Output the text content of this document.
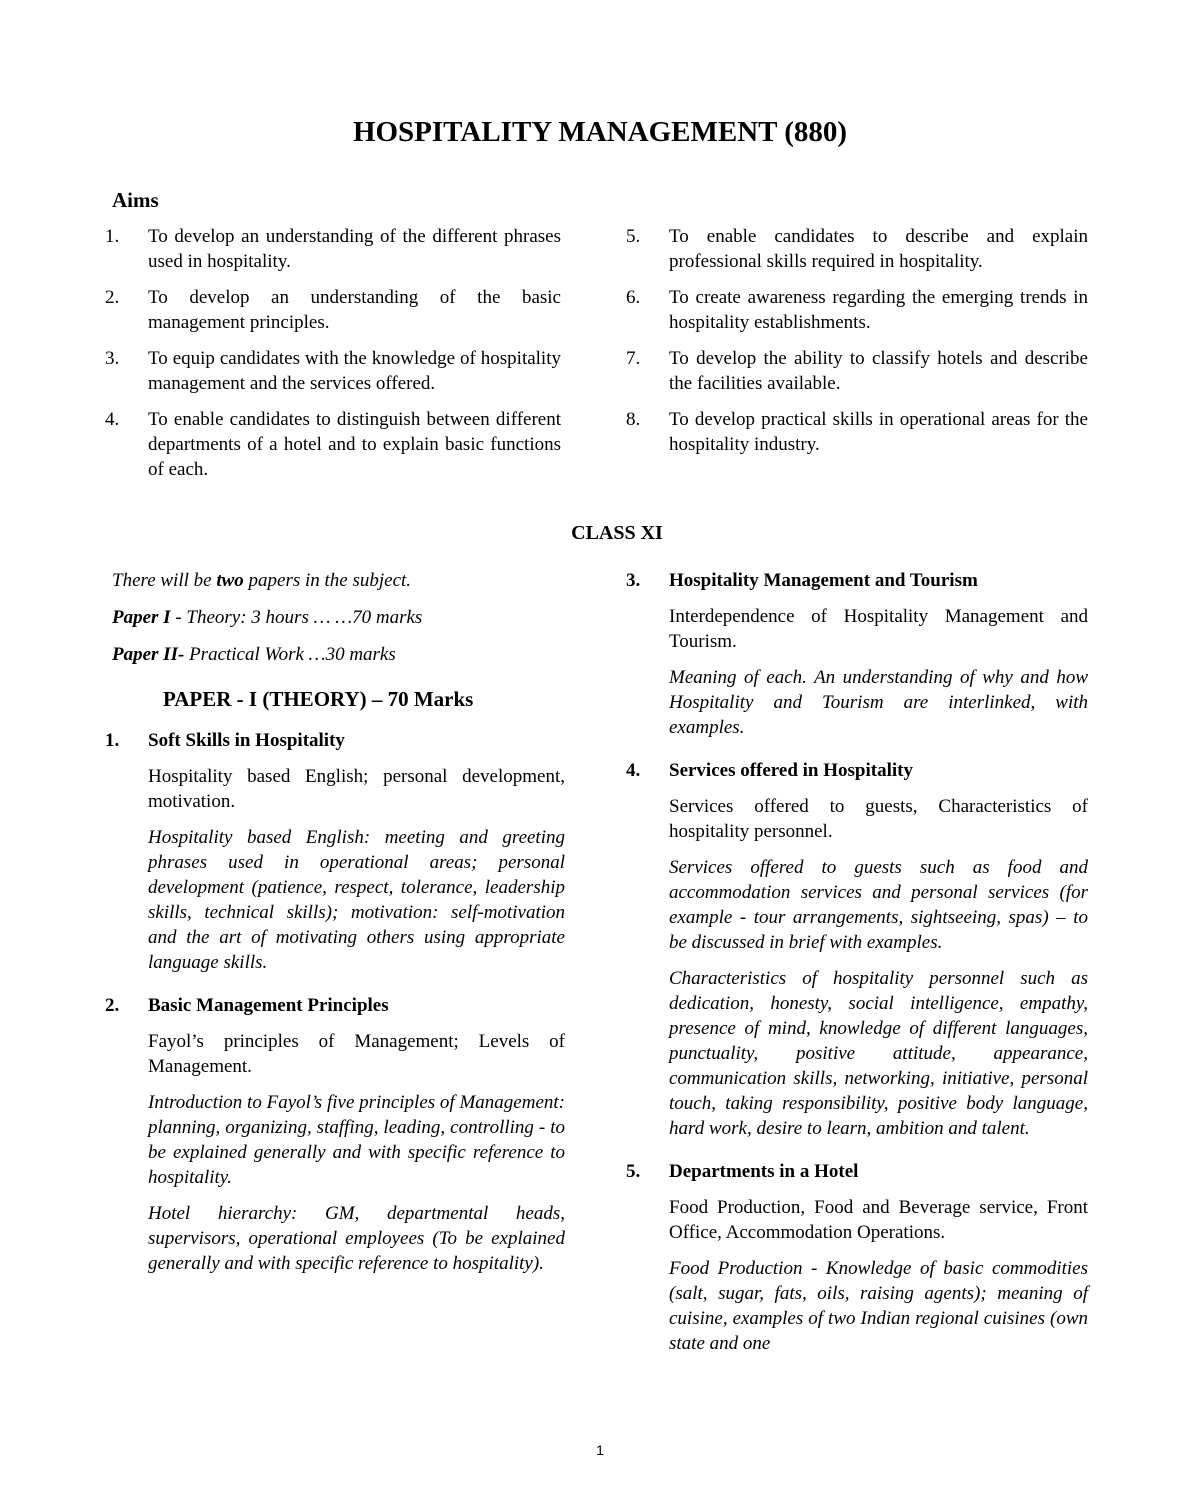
HOSPITALITY MANAGEMENT (880)
Aims
1.	To develop an understanding of the different phrases used in hospitality.
2.	To develop an understanding of the basic management principles.
3.	To equip candidates with the knowledge of hospitality management and the services offered.
4.	To enable candidates to distinguish between different departments of a hotel and to explain basic functions of each.
5.	To enable candidates to describe and explain professional skills required in hospitality.
6.	To create awareness regarding the emerging trends in hospitality establishments.
7.	To develop the ability to classify hotels and describe the facilities available.
8.	To develop practical skills in operational areas for the hospitality industry.
CLASS XI
There will be two papers in the subject.
Paper I - Theory: 3 hours … …70 marks
Paper II- Practical Work …30 marks
PAPER - I (THEORY) – 70 Marks
1.	Soft Skills in Hospitality

Hospitality based English; personal development, motivation.

Hospitality based English: meeting and greeting phrases used in operational areas; personal development (patience, respect, tolerance, leadership skills, technical skills); motivation: self-motivation and the art of motivating others using appropriate language skills.

2.	Basic Management Principles

Fayol’s principles of Management; Levels of Management.

Introduction to Fayol’s five principles of Management: planning, organizing, staffing, leading, controlling - to be explained generally and with specific reference to hospitality.

Hotel hierarchy: GM, departmental heads, supervisors, operational employees (To be explained generally and with specific reference to hospitality).

3.	Hospitality Management and Tourism

Interdependence of Hospitality Management and Tourism.

Meaning of each. An understanding of why and how Hospitality and Tourism are interlinked, with examples.

4.	Services offered in Hospitality

Services offered to guests, Characteristics of hospitality personnel.

Services offered to guests such as food and accommodation services and personal services (for example - tour arrangements, sightseeing, spas) – to be discussed in brief with examples.

Characteristics of hospitality personnel such as dedication, honesty, social intelligence, empathy, presence of mind, knowledge of different languages, punctuality, positive attitude, appearance, communication skills, networking, initiative, personal touch, taking responsibility, positive body language, hard work, desire to learn, ambition and talent.

5.	Departments in a Hotel

Food Production, Food and Beverage service, Front Office, Accommodation Operations.

Food Production - Knowledge of basic commodities (salt, sugar, fats, oils, raising agents); meaning of cuisine, examples of two Indian regional cuisines (own state and one

1
